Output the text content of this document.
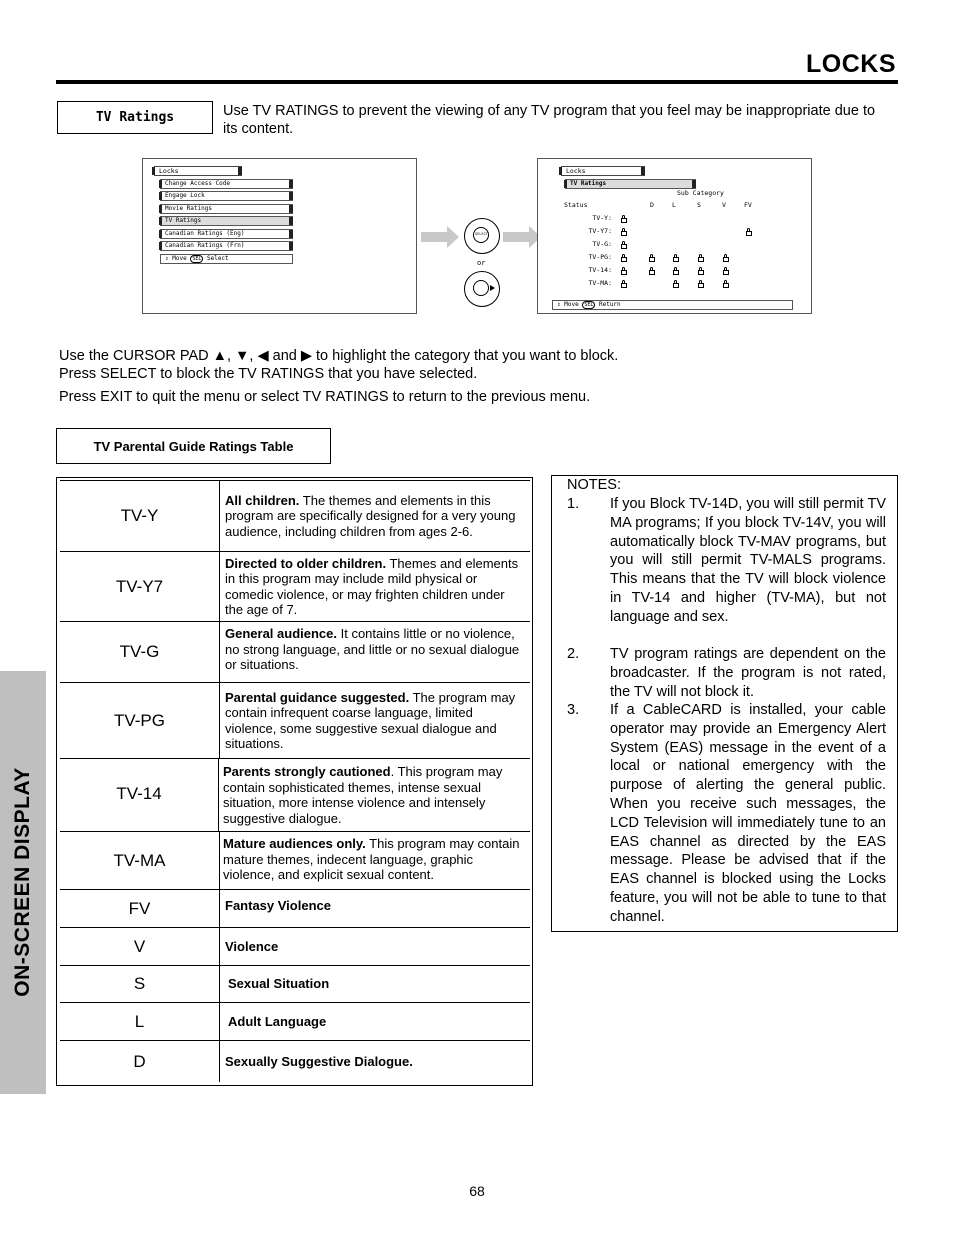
LOCKS
TV Ratings	Use TV RATINGS to prevent the viewing of any TV program that you feel may be inappropriate due to its content.
Locks
Change Access Code
Engage Lock
Movie Ratings
TV Ratings
Canadian Ratings (Eng)
Canadian Ratings (Frn)
⇕ Move SEL Select
SELECT
or
Locks
TV Ratings
Sub Category
Status	D	L	S	V	FV
TV-Y:
TV-Y7:
TV-G:
TV-PG:
TV-14:
TV-MA:
⇕ Move SEL Return
Use the CURSOR PAD ▲, ▼, ◀ and ▶ to highlight the category that you want to block.
Press SELECT to block the TV RATINGS that you have selected.
Press EXIT to quit the menu or select TV RATINGS to return to the previous menu.
TV Parental Guide Ratings Table
TV-Y
All children. The themes and elements in this program are specifically designed for a very young audience, including children from ages 2-6.
TV-Y7
Directed to older children. Themes and elements in this program may include mild physical or comedic violence, or may frighten children under the age of 7.
TV-G
General audience. It contains little or no violence, no strong language, and little or no sexual dialogue or situations.
TV-PG
Parental guidance suggested. The program may contain infrequent coarse language, limited violence, some suggestive sexual dialogue and situations.
TV-14
Parents strongly cautioned. This program may contain sophisticated themes, intense sexual situation, more intense violence and intensely suggestive dialogue.
TV-MA
Mature audiences only. This program may contain mature themes, indecent language, graphic violence, and explicit sexual content.
FV	Fantasy Violence
V	Violence
S	Sexual Situation
L	Adult Language
D	Sexually Suggestive Dialogue.
NOTES:
1. If you Block TV-14D, you will still permit TV MA programs; If you block TV-14V, you will automatically block TV-MAV programs, but you will still permit TV-MALS programs. This means that the TV will block violence in TV-14 and higher (TV-MA), but not language and sex.
2. TV program ratings are dependent on the broadcaster. If the program is not rated, the TV will not block it.
3. If a CableCARD is installed, your cable operator may provide an Emergency Alert System (EAS) message in the event of a local or national emergency with the purpose of alerting the general public. When you receive such messages, the LCD Television will immediately tune to an EAS channel as directed by the EAS message. Please be advised that if the EAS channel is blocked using the Locks feature, you will not be able to tune to that channel.
ON-SCREEN DISPLAY
68
